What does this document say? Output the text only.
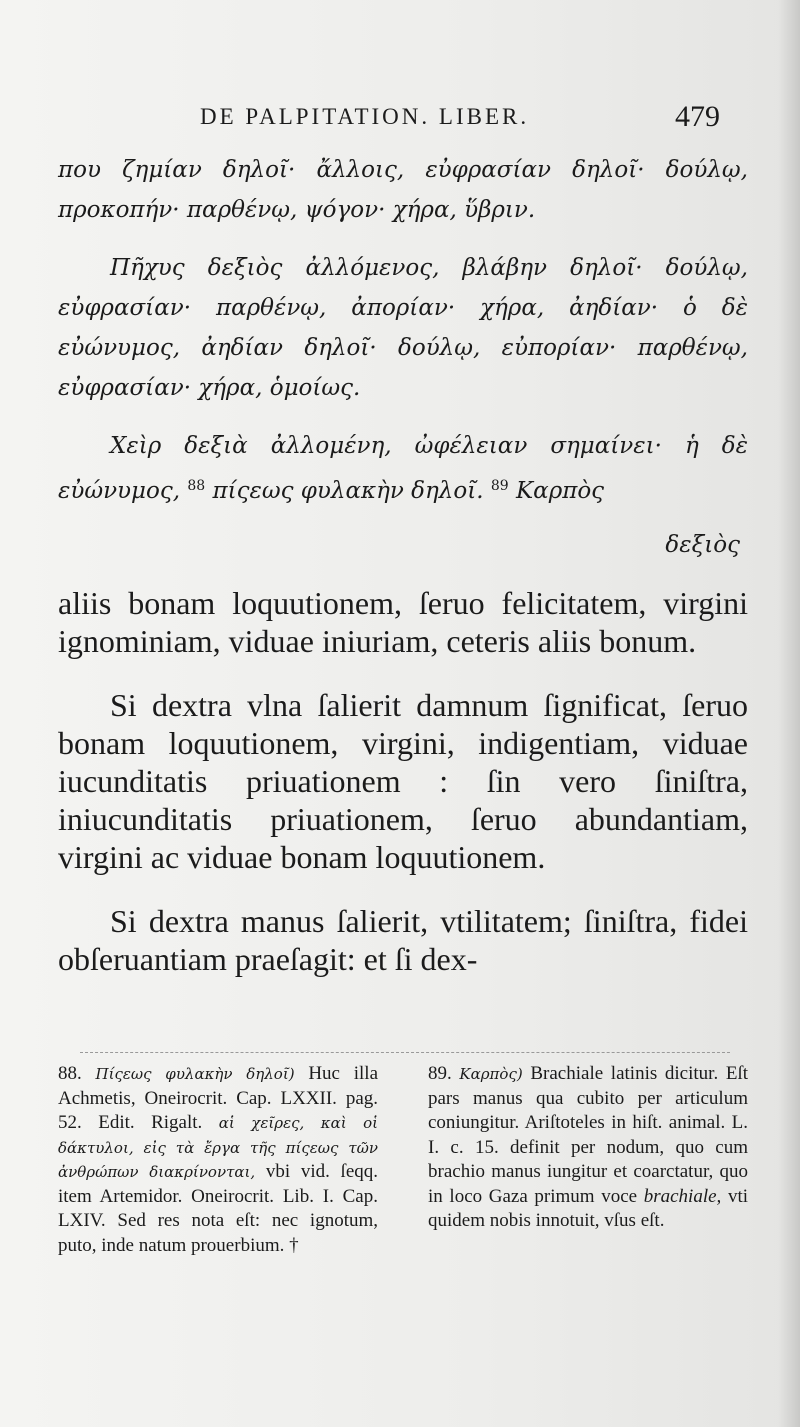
DE PALPITATION. LIBER.	479

που ζημίαν δηλοῖ· ἄλλοις, εὐφρασίαν δηλοῖ· δούλῳ, προκοπήν· παρθένῳ, ψόγον· χήρα, ὕβριν.

Πῆχυς δεξιὸς ἀλλόμενος, βλάβην δηλοῖ· δούλῳ, εὐφρασίαν· παρθένῳ, ἀπορίαν· χήρα, ἀηδίαν· ὁ δὲ εὐώνυμος, ἀηδίαν δηλοῖ· δούλῳ, εὐπορίαν· παρθένῳ, εὐφρασίαν· χήρα, ὁμοίως.

Χεὶρ δεξιὰ ἀλλομένη, ὠφέλειαν σημαίνει· ἡ δὲ εὐώνυμος, $^{88}$ πίςεως φυλακὴν δηλοῖ. $^{89}$ Καρπὸς

δεξιὸς

aliis bonam loquutionem, ſeruo felicitatem, virgini ignominiam, viduae iniuriam, ceteris aliis bonum.

Si dextra vlna ſalierit damnum ſignificat, ſeruo bonam loquutionem, virgini, indigentiam, viduae iucunditatis priuationem : ſin vero ſiniſtra, iniucunditatis priuationem, ſeruo abundantiam, virgini ac viduae bonam loquutionem.

Si dextra manus ſalierit, vtilitatem; ſiniſtra, fidei obſeruantiam praeſagit: et ſi dex-

88. Πίςεως φυλακὴν δηλοῖ) Huc illa Achmetis, Oneirocrit. Cap. LXXII. pag. 52. Edit. Rigalt. αἱ χεῖρες, καὶ οἱ δάκτυλοι, εἰς τὰ ἔργα τῆς πίςεως τῶν ἀνθρώπων διακρίνονται, vbi vid. ſeqq. item Artemidor. Oneirocrit. Lib. I. Cap. LXIV. Sed res nota eſt: nec ignotum, puto, inde natum prouerbium. †

89. Καρπὸς) Brachiale latinis dicitur. Eſt pars manus qua cubito per articulum coniungitur. Ariſtoteles in hiſt. animal. L. I. c. 15. definit per nodum, quo cum brachio manus iungitur et coarctatur, quo in loco Gaza primum voce brachiale, vti quidem nobis innotuit, vſus eſt.
